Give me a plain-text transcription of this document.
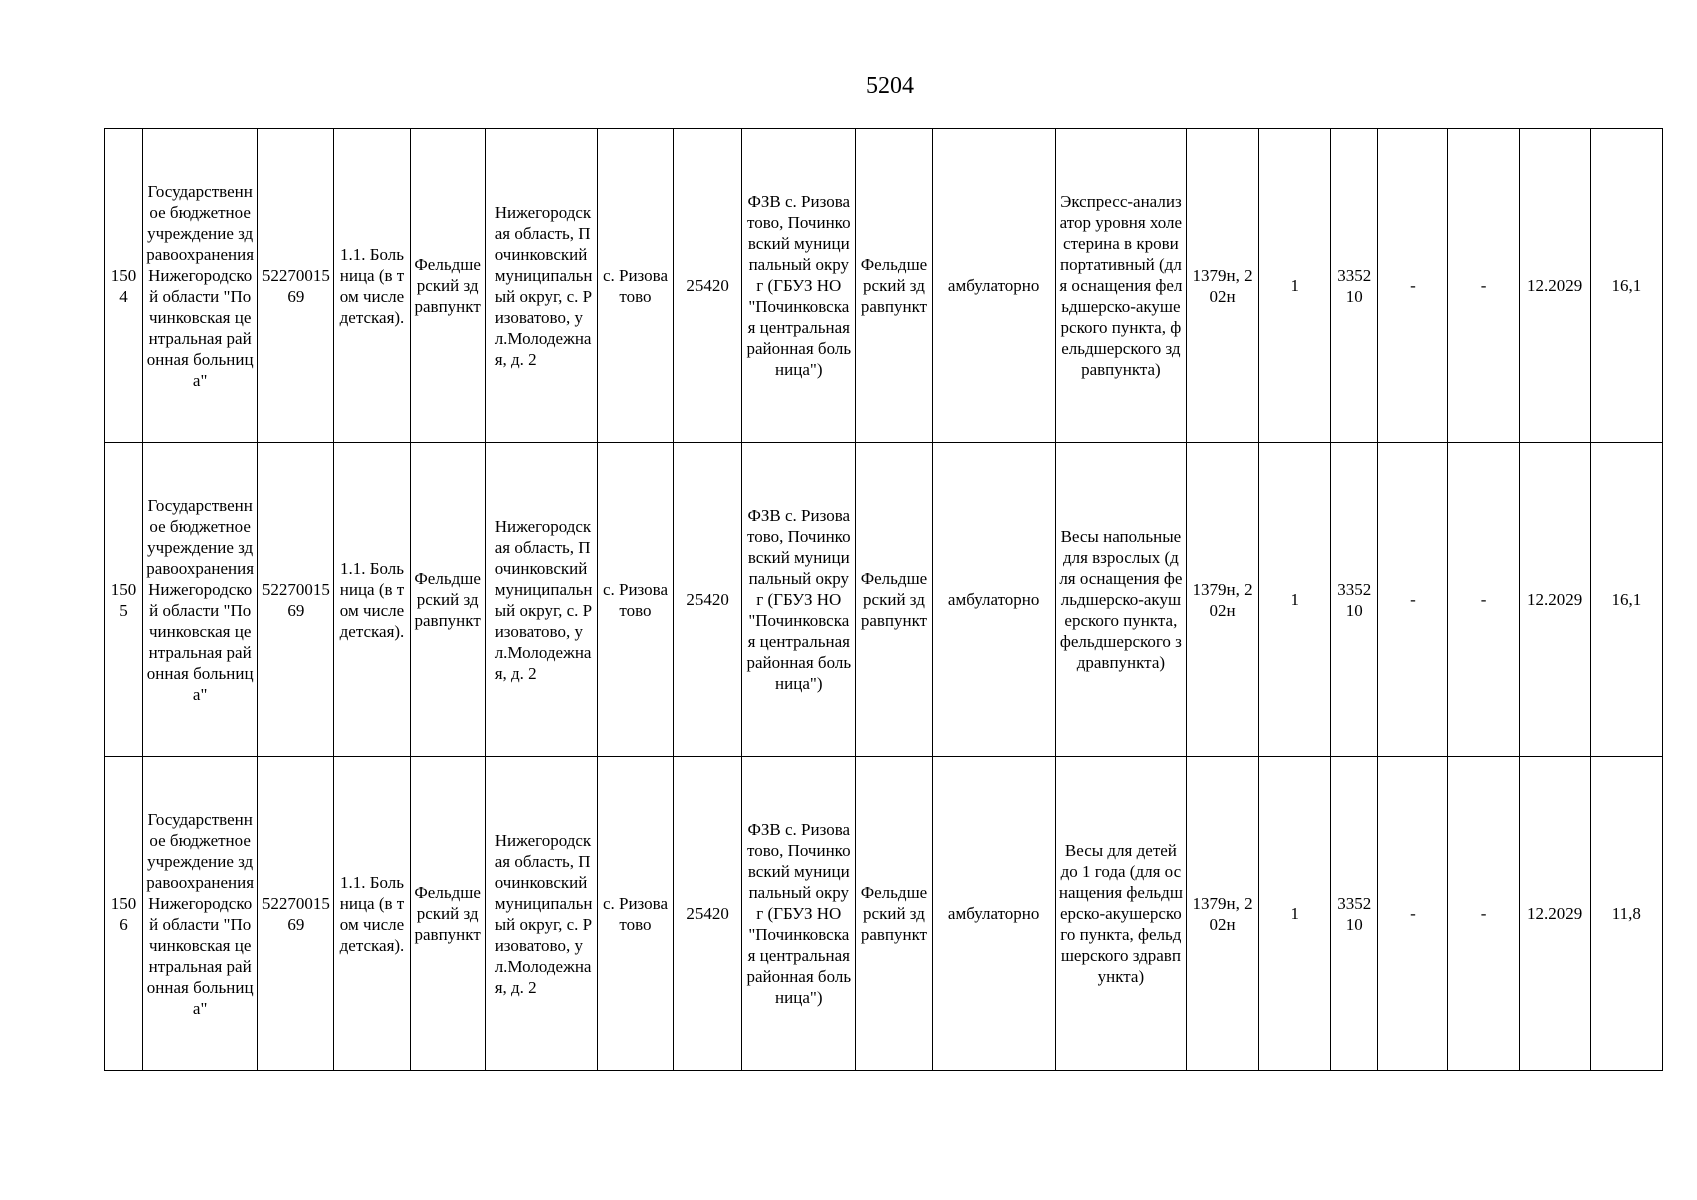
5204
1504	Государственное бюджетное учреждение здравоохранения Нижегородской области "Починковская центральная районная больница"	5227001569	1.1. Больница (в том числе детская).	Фельдшерский здравпункт	Нижегородская область, Починковский муниципальный округ, с. Ризоватово, ул.Молодежная, д. 2	с. Ризоватово	25420	ФЗВ с. Ризоватово, Починковский муниципальный округ (ГБУЗ НО "Починковская центральная районная больница")	Фельдшерский здравпункт	амбулаторно	Экспресс-анализатор уровня холестерина в крови портативный (для оснащения фельдшерско-акушерского пункта, фельдшерского здравпункта)	1379н, 202н	1	335210	-	-	12.2029	16,1
1505	Государственное бюджетное учреждение здравоохранения Нижегородской области "Починковская центральная районная больница"	5227001569	1.1. Больница (в том числе детская).	Фельдшерский здравпункт	Нижегородская область, Починковский муниципальный округ, с. Ризоватово, ул.Молодежная, д. 2	с. Ризоватово	25420	ФЗВ с. Ризоватово, Починковский муниципальный округ (ГБУЗ НО "Починковская центральная районная больница")	Фельдшерский здравпункт	амбулаторно	Весы напольные для взрослых (для оснащения фельдшерско-акушерского пункта, фельдшерского здравпункта)	1379н, 202н	1	335210	-	-	12.2029	16,1
1506	Государственное бюджетное учреждение здравоохранения Нижегородской области "Починковская центральная районная больница"	5227001569	1.1. Больница (в том числе детская).	Фельдшерский здравпункт	Нижегородская область, Починковский муниципальный округ, с. Ризоватово, ул.Молодежная, д. 2	с. Ризоватово	25420	ФЗВ с. Ризоватово, Починковский муниципальный округ (ГБУЗ НО "Починковская центральная районная больница")	Фельдшерский здравпункт	амбулаторно	Весы для детей до 1 года (для оснащения фельдшерско-акушерского пункта, фельдшерского здравпункта)	1379н, 202н	1	335210	-	-	12.2029	11,8
